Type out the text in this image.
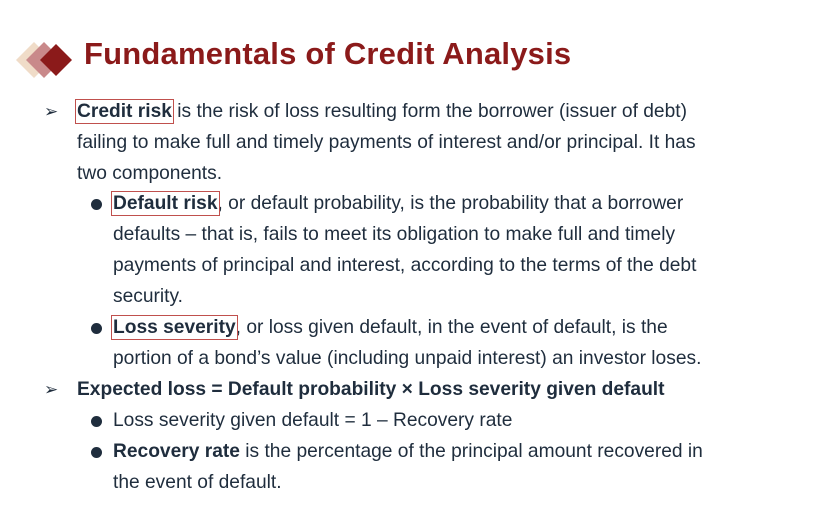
Fundamentals of Credit Analysis
➢ Credit risk is the risk of loss resulting form the borrower (issuer of debt)
failing to make full and timely payments of interest and/or principal. It has
two components.
Default risk, or default probability, is the probability that a borrower
defaults – that is, fails to meet its obligation to make full and timely
payments of principal and interest, according to the terms of the debt
security.
Loss severity, or loss given default, in the event of default, is the
portion of a bond’s value (including unpaid interest) an investor loses.
➢ Expected loss = Default probability × Loss severity given default
Loss severity given default = 1 – Recovery rate
Recovery rate is the percentage of the principal amount recovered in
the event of default.
